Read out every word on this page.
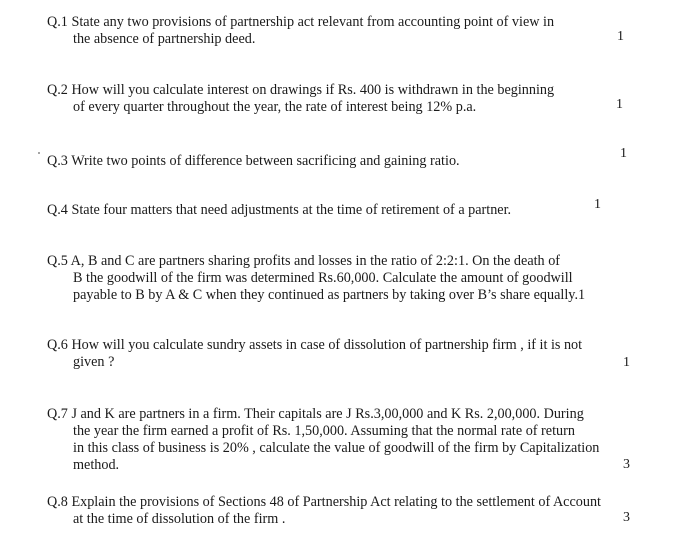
Q.1 State any two provisions of partnership act relevant from accounting point of view in
the absence of partnership deed.	1
Q.2 How will you calculate interest on drawings if Rs. 400 is withdrawn in the beginning
of every quarter throughout the year, the rate of interest being 12% p.a.	1
Q.3 Write two points of difference between sacrificing and gaining ratio.	1
Q.4 State four matters that need adjustments at the time of retirement of a partner.	1
Q.5 A, B and C are partners sharing profits and losses in the ratio of 2:2:1. On the death of
B the goodwill of the firm was determined Rs.60,000. Calculate the amount of goodwill
payable to B by A & C when they continued as partners by taking over B’s share equally.1
Q.6 How will you calculate sundry assets in case of dissolution of partnership firm , if it is not
given ?	1
Q.7 J and K are partners in a firm. Their capitals are J Rs.3,00,000 and K Rs. 2,00,000. During
the year the firm earned a profit of Rs. 1,50,000. Assuming that the normal rate of return
in this class of business is 20% , calculate the value of goodwill of the firm by Capitalization
method.	3
Q.8 Explain the provisions of Sections 48 of Partnership Act relating to the settlement of Account
at the time of dissolution of the firm .	3
